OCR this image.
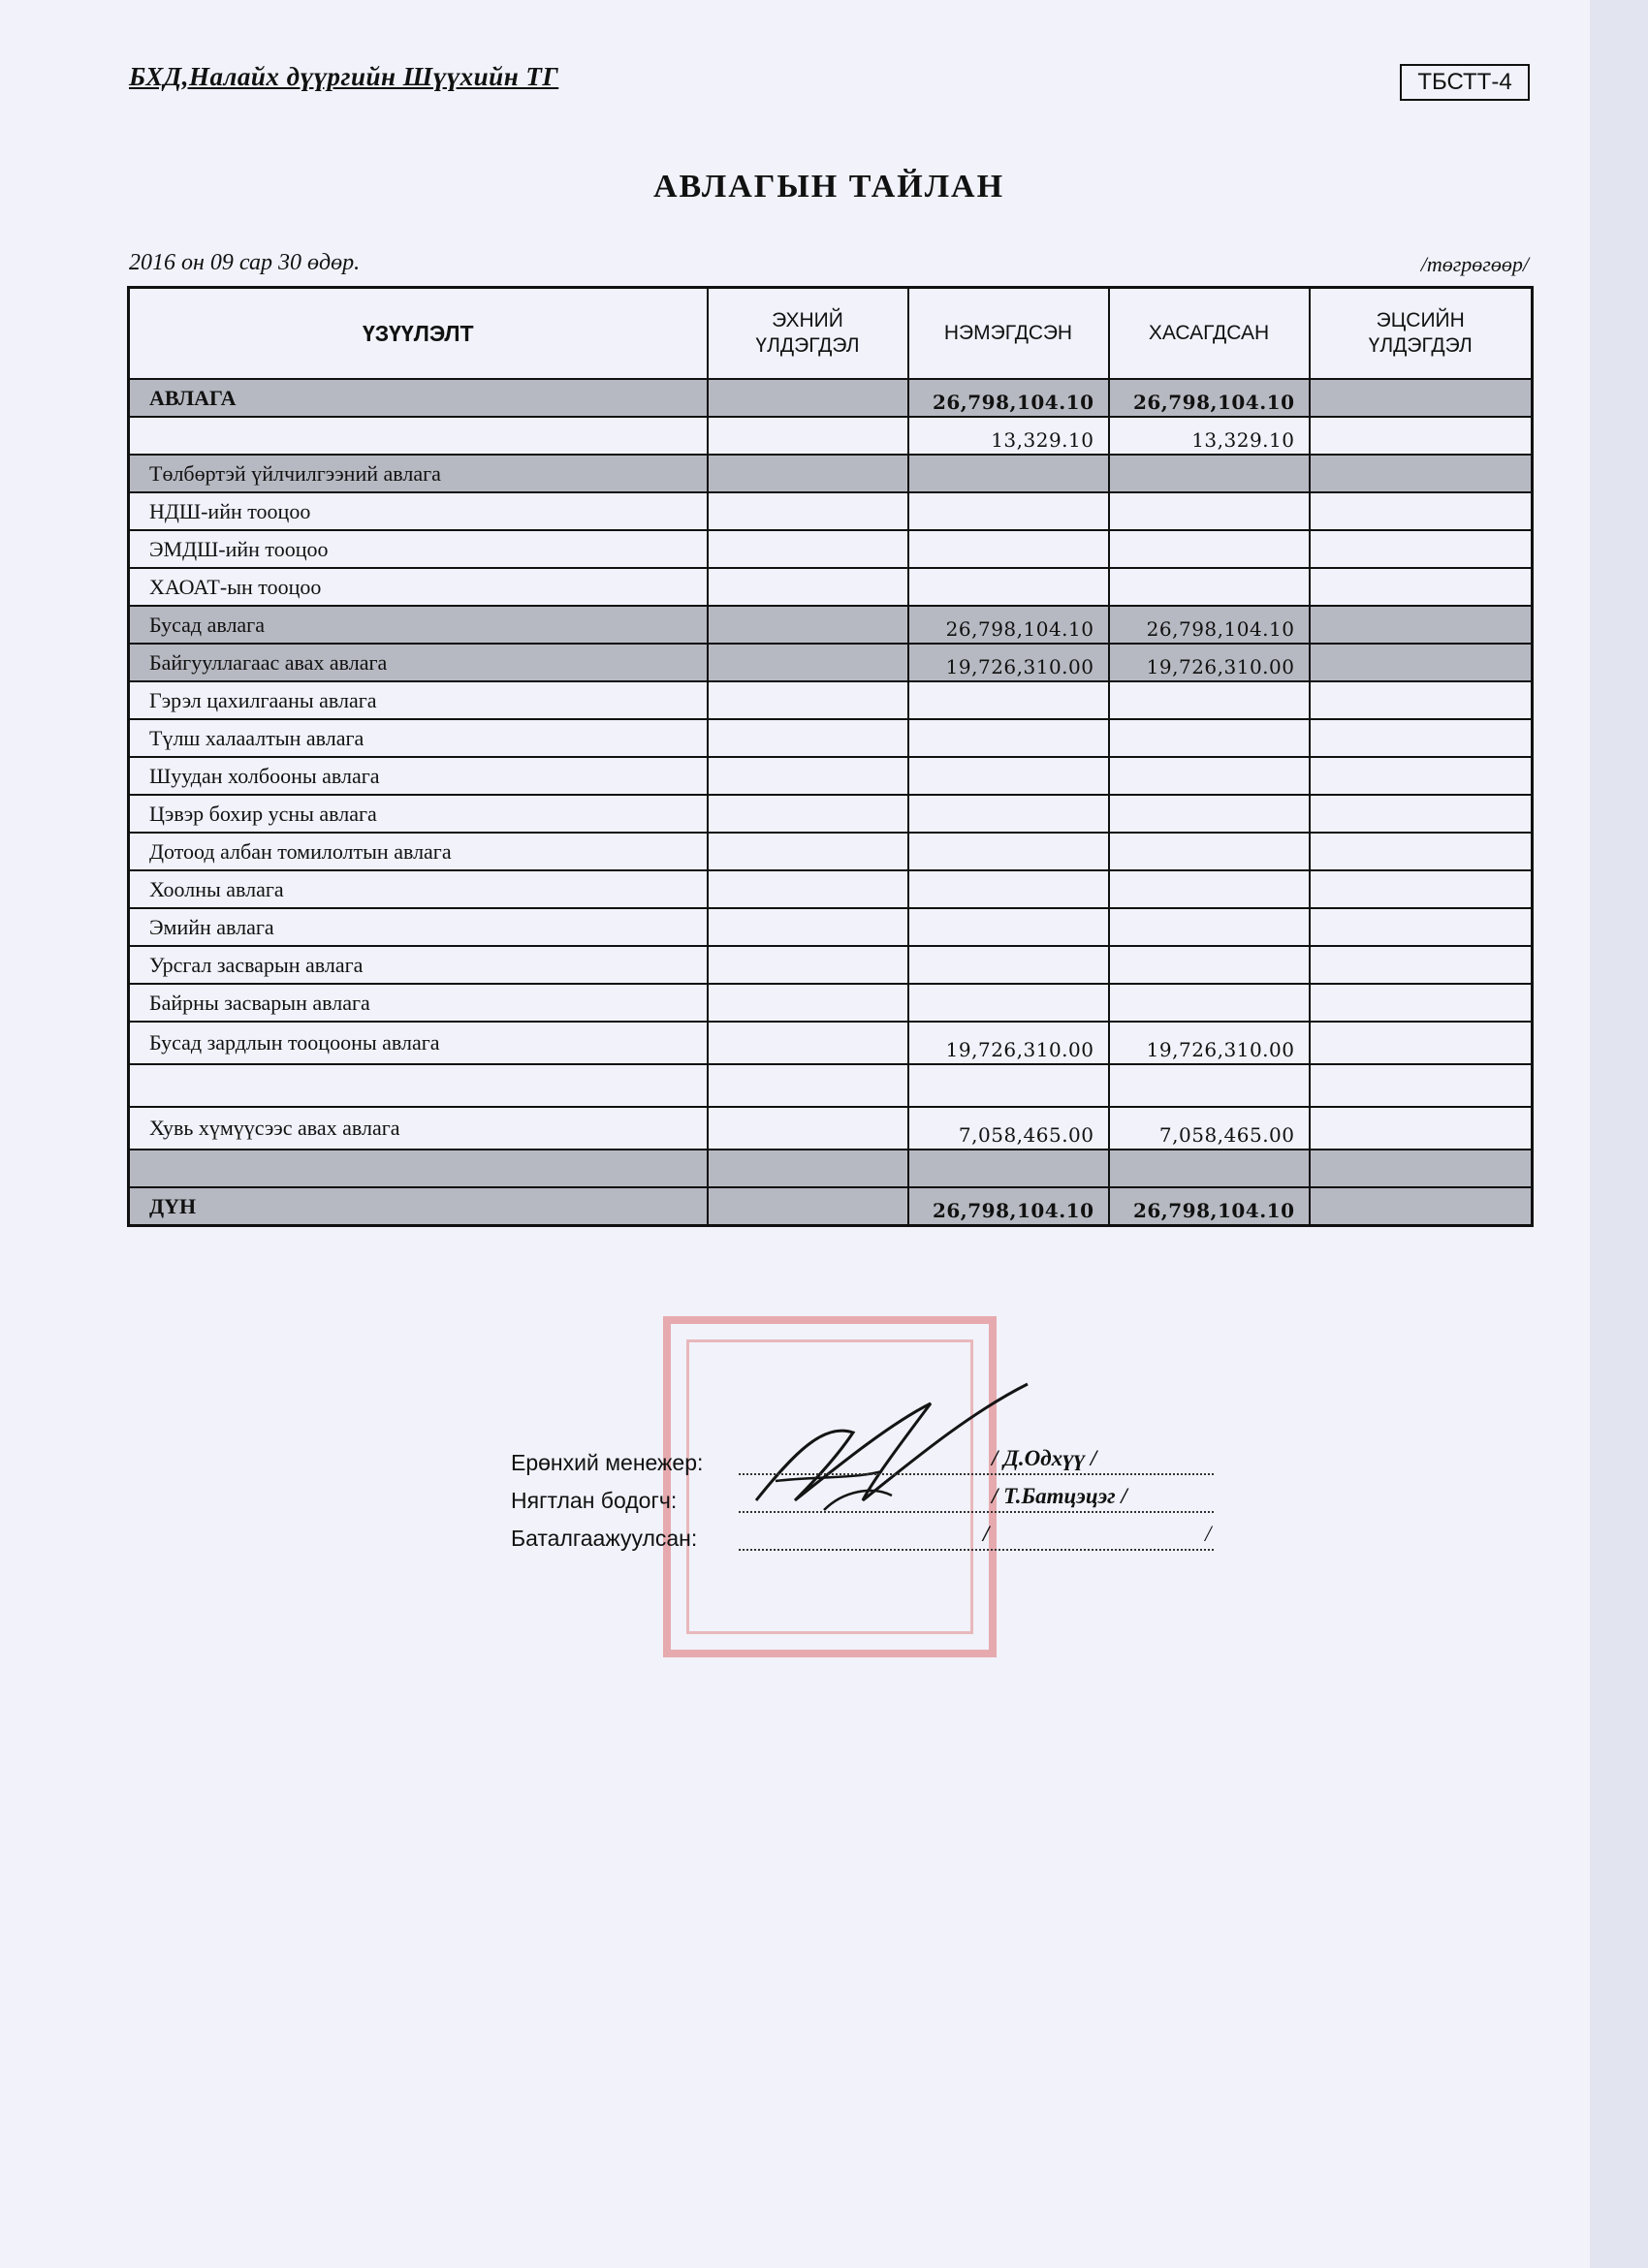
БХД,Налайх дүүргийн Шүүхийн ТГ	ТБСТТ-4
АВЛАГЫН ТАЙЛАН
2016 он 09 сар 30 өдөр.	/төгрөгөөр/
ҮЗҮҮЛЭЛТ	ЭХНИЙ ҮЛДЭГДЭЛ	НЭМЭГДСЭН	ХАСАГДСАН	ЭЦСИЙН ҮЛДЭГДЭЛ
АВЛАГА		26,798,104.10	26,798,104.10	
		13,329.10	13,329.10	
Төлбөртэй үйлчилгээний авлага				
НДШ-ийн тооцоо				
ЭМДШ-ийн тооцоо				
ХАОАТ-ын тооцоо				
Бусад авлага		26,798,104.10	26,798,104.10	
Байгууллагаас авах авлага		19,726,310.00	19,726,310.00	
Гэрэл цахилгааны авлага				
Түлш халаалтын авлага				
Шуудан холбооны авлага				
Цэвэр бохир усны авлага				
Дотоод албан томилолтын авлага				
Хоолны авлага				
Эмийн авлага				
Урсгал засварын авлага				
Байрны засварын авлага				
Бусад зардлын тооцооны авлага		19,726,310.00	19,726,310.00	

Хувь хүмүүсээс авах авлага		7,058,465.00	7,058,465.00	

ДҮН		26,798,104.10	26,798,104.10	
Ерөнхий менежер:	/ Д.Одхүү /
Нягтлан бодогч:	/ Т.Батцэцэг /
Баталгаажуулсан:	/	/
